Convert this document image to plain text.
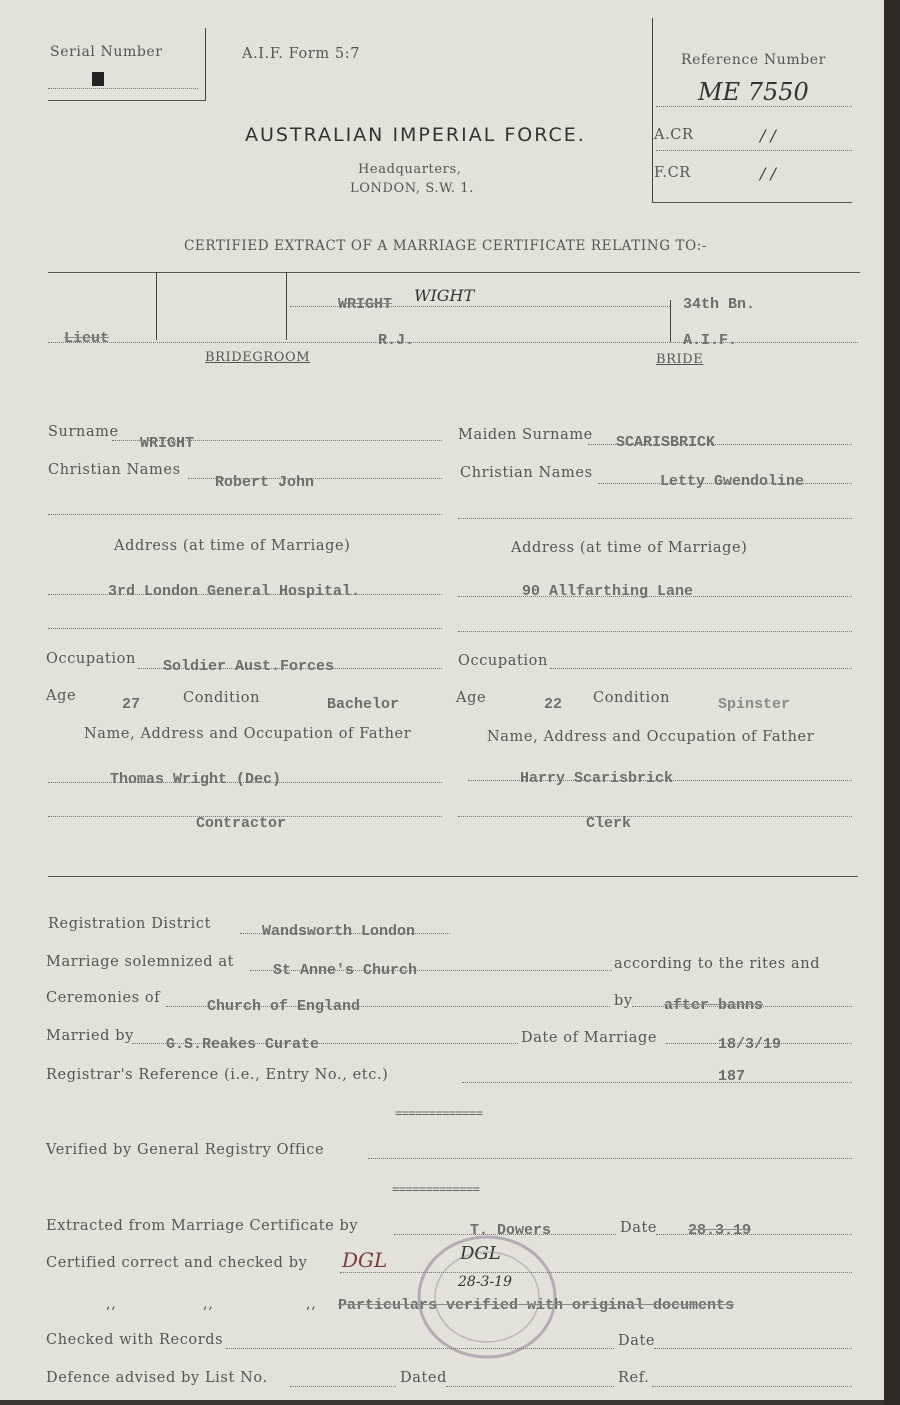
Serial Number	A.I.F. Form 5:7
AUSTRALIAN IMPERIAL FORCE.
Headquarters,
LONDON, S.W. 1.
Reference Number
ME 7550
A.CR	/ /
F.CR	/ /
CERTIFIED EXTRACT OF A MARRIAGE CERTIFICATE RELATING TO:-
Lieut
WRIGHT WIGHT
R.J.
34th Bn.
A.I.F.
BRIDEGROOM	BRIDE
Surname
WRIGHT
Christian Names
Robert John
Address (at time of Marriage)
3rd London General Hospital.
Occupation Soldier Aust.Forces
Age	27	Condition	Bachelor
Name, Address and Occupation of Father
Thomas Wright (Dec)
Contractor
Maiden Surname SCARISBRICK
Christian Names	Letty Gwendoline
Address (at time of Marriage)
90 Allfarthing Lane
Occupation
Age	22 Condition	Spinster
Name, Address and Occupation of Father
Harry Scarisbrick
Clerk
Registration District	Wandsworth London
Marriage solemnized at	St Anne's Church	according to the rites and
Ceremonies of	Church of England	by after banns
Married by G.S.Reakes Curate	Date of Marriage	18/3/19
Registrar's Reference (i.e., Entry No., etc.)	187
=============
Verified by General Registry Office
=============
Extracted from Marriage Certificate by	T. Dowers	Date 28.3.19
Certified correct and checked by DGL	DGL
28-3-19
,,	,,	,, Particulars verified with original documents
Checked with Records	Date
Defence advised by List No.	Dated	Ref.
